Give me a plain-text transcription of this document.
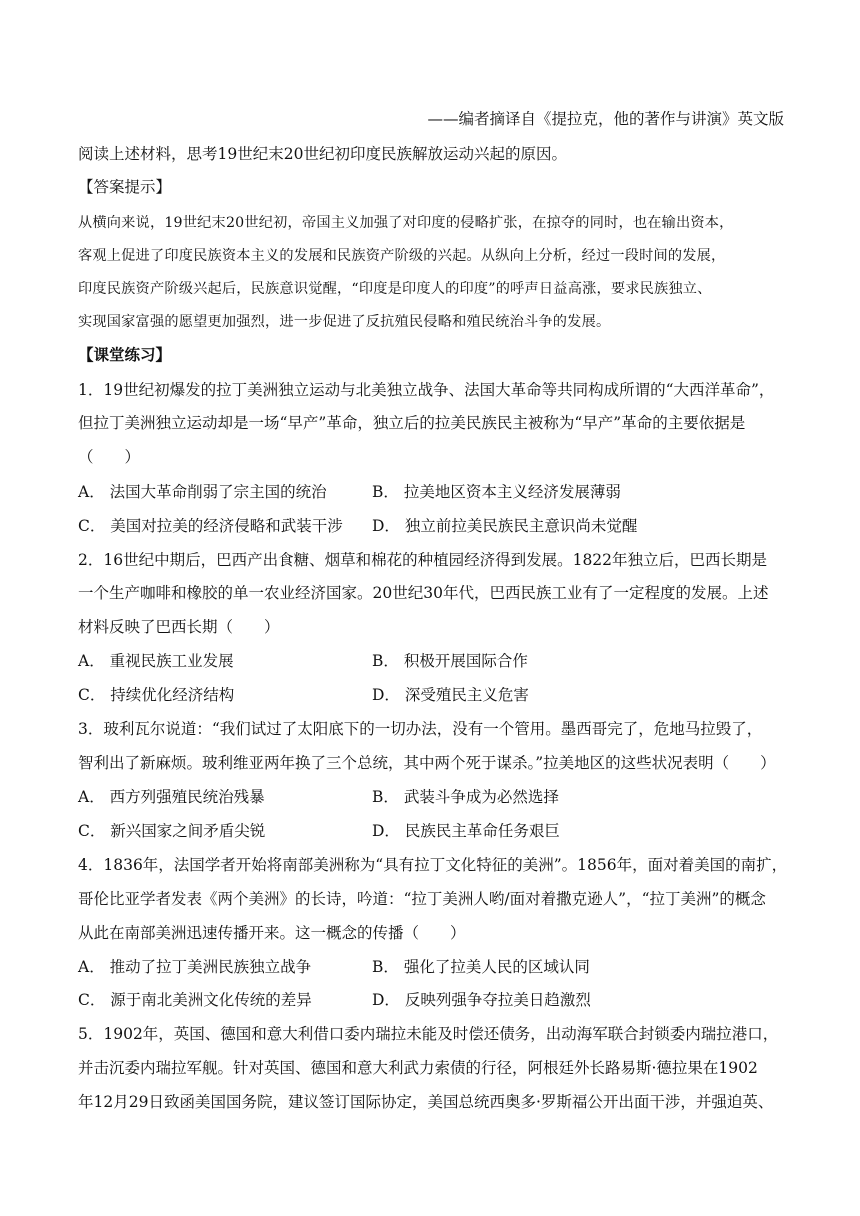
——编者摘译自《提拉克，他的著作与讲演》英文版
阅读上述材料，思考19世纪末20世纪初印度民族解放运动兴起的原因。
【答案提示】
从横向来说，19世纪末20世纪初，帝国主义加强了对印度的侵略扩张，在掠夺的同时，也在输出资本，
客观上促进了印度民族资本主义的发展和民族资产阶级的兴起。从纵向上分析，经过一段时间的发展，
印度民族资产阶级兴起后，民族意识觉醒，“印度是印度人的印度”的呼声日益高涨，要求民族独立、
实现国家富强的愿望更加强烈，进一步促进了反抗殖民侵略和殖民统治斗争的发展。
【课堂练习】
1．19世纪初爆发的拉丁美洲独立运动与北美独立战争、法国大革命等共同构成所谓的“大西洋革命”，
但拉丁美洲独立运动却是一场“早产”革命，独立后的拉美民族民主被称为“早产”革命的主要依据是
（　　）
A． 法国大革命削弱了宗主国的统治	B． 拉美地区资本主义经济发展薄弱
C． 美国对拉美的经济侵略和武装干涉 D． 独立前拉美民族民主意识尚未觉醒
2．16世纪中期后，巴西产出食糖、烟草和棉花的种植园经济得到发展。1822年独立后，巴西长期是
一个生产咖啡和橡胶的单一农业经济国家。20世纪30年代，巴西民族工业有了一定程度的发展。上述
材料反映了巴西长期（　　）
A． 重视民族工业发展	B． 积极开展国际合作
C． 持续优化经济结构	D． 深受殖民主义危害
3．玻利瓦尔说道：“我们试过了太阳底下的一切办法，没有一个管用。墨西哥完了，危地马拉毁了，
智利出了新麻烦。玻利维亚两年换了三个总统，其中两个死于谋杀。”拉美地区的这些状况表明（　　）
A． 西方列强殖民统治残暴	B． 武装斗争成为必然选择
C． 新兴国家之间矛盾尖锐	D． 民族民主革命任务艰巨
4．1836年，法国学者开始将南部美洲称为“具有拉丁文化特征的美洲”。1856年，面对着美国的南扩，
哥伦比亚学者发表《两个美洲》的长诗，吟道：“拉丁美洲人哟/面对着撒克逊人”，“拉丁美洲”的概念
从此在南部美洲迅速传播开来。这一概念的传播（　　）
A． 推动了拉丁美洲民族独立战争	B． 强化了拉美人民的区域认同
C． 源于南北美洲文化传统的差异	D． 反映列强争夺拉美日趋激烈
5．1902年，英国、德国和意大利借口委内瑞拉未能及时偿还债务，出动海军联合封锁委内瑞拉港口，
并击沉委内瑞拉军舰。针对英国、德国和意大利武力索债的行径，阿根廷外长路易斯·德拉果在1902
年12月29日致函美国国务院，建议签订国际协定，美国总统西奥多·罗斯福公开出面干涉，并强迫英、
